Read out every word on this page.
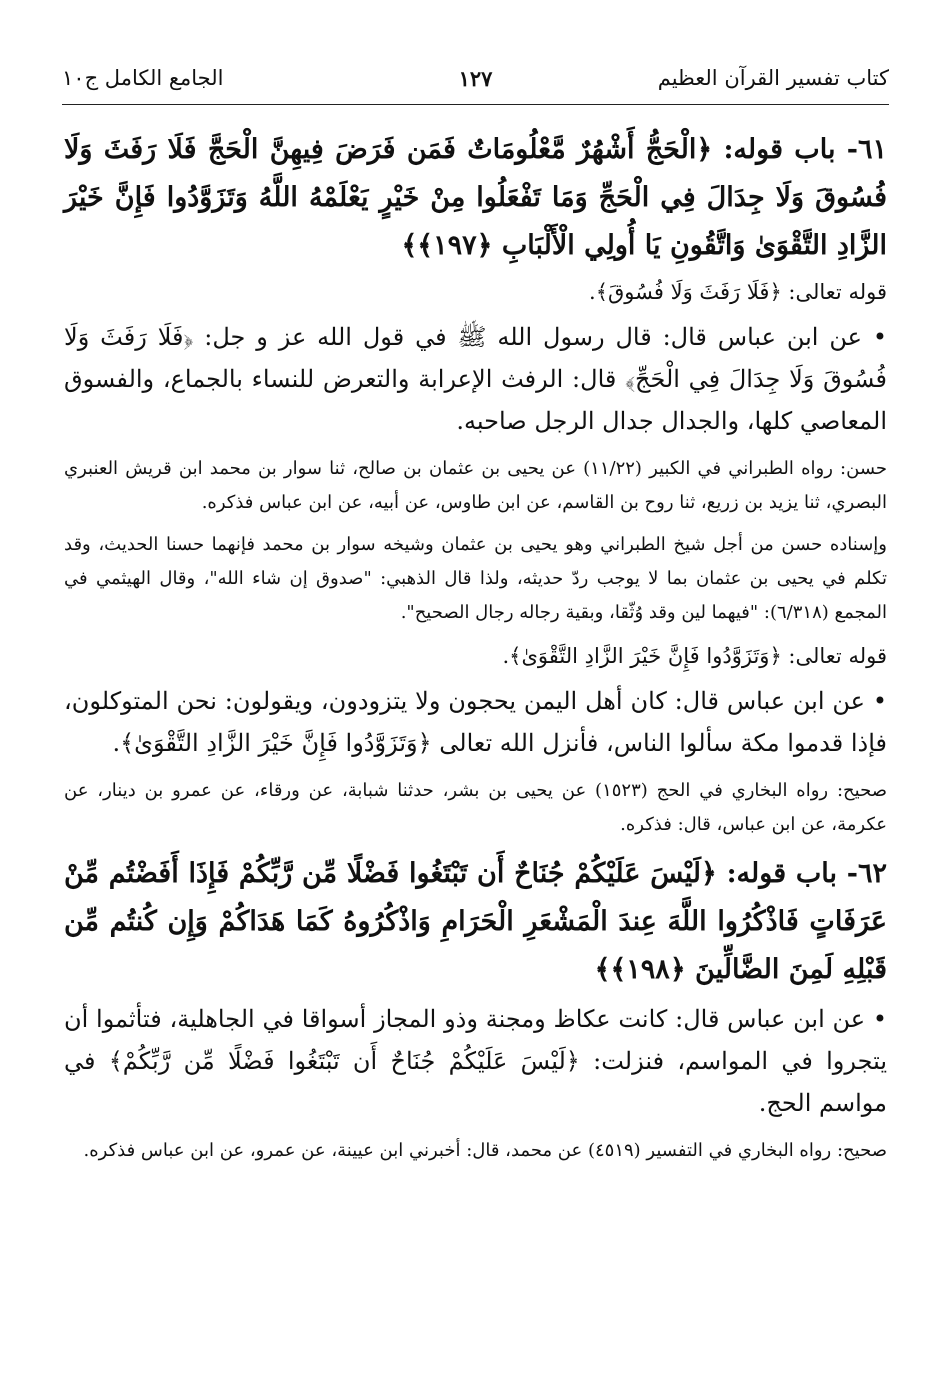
كتاب تفسير القرآن العظيم
١٢٧
الجامع الكامل ج١٠

٦١- باب قوله: ﴿الْحَجُّ أَشْهُرٌ مَّعْلُومَاتٌ فَمَن فَرَضَ فِيهِنَّ الْحَجَّ فَلَا رَفَثَ وَلَا فُسُوقَ وَلَا جِدَالَ فِي الْحَجِّ وَمَا تَفْعَلُوا مِنْ خَيْرٍ يَعْلَمْهُ اللَّهُ وَتَزَوَّدُوا فَإِنَّ خَيْرَ الزَّادِ التَّقْوَىٰ وَاتَّقُونِ يَا أُولِي الْأَلْبَابِ ﴿١٩٧﴾﴾

قوله تعالى: ﴿فَلَا رَفَثَ وَلَا فُسُوقَ﴾.

• عن ابن عباس قال: قال رسول الله ﷺ في قول الله عز و جل: ﴿فَلَا رَفَثَ وَلَا فُسُوقَ وَلَا جِدَالَ فِي الْحَجِّ﴾ قال: الرفث الإعرابة والتعرض للنساء بالجماع، والفسوق المعاصي كلها، والجدال جدال الرجل صاحبه.

حسن: رواه الطبراني في الكبير (١١/٢٢) عن يحيى بن عثمان بن صالح، ثنا سوار بن محمد ابن قريش العنبري البصري، ثنا يزيد بن زريع، ثنا روح بن القاسم، عن ابن طاوس، عن أبيه، عن ابن عباس فذكره.

وإسناده حسن من أجل شيخ الطبراني وهو يحيى بن عثمان وشيخه سوار بن محمد فإنهما حسنا الحديث، وقد تكلم في يحيى بن عثمان بما لا يوجب ردّ حديثه، ولذا قال الذهبي: "صدوق إن شاء الله"، وقال الهيثمي في المجمع (٦/٣١٨): "فيهما لين وقد وُثّقا، وبقية رجاله رجال الصحيح".

قوله تعالى: ﴿وَتَزَوَّدُوا فَإِنَّ خَيْرَ الزَّادِ التَّقْوَىٰ﴾.

• عن ابن عباس قال: كان أهل اليمن يحجون ولا يتزودون، ويقولون: نحن المتوكلون، فإذا قدموا مكة سألوا الناس، فأنزل الله تعالى ﴿وَتَزَوَّدُوا فَإِنَّ خَيْرَ الزَّادِ التَّقْوَىٰ﴾.

صحيح: رواه البخاري في الحج (١٥٢٣) عن يحيى بن بشر، حدثنا شبابة، عن ورقاء، عن عمرو بن دينار، عن عكرمة، عن ابن عباس، قال: فذكره.

٦٢- باب قوله: ﴿لَيْسَ عَلَيْكُمْ جُنَاحٌ أَن تَبْتَغُوا فَضْلًا مِّن رَّبِّكُمْ فَإِذَا أَفَضْتُم مِّنْ عَرَفَاتٍ فَاذْكُرُوا اللَّهَ عِندَ الْمَشْعَرِ الْحَرَامِ وَاذْكُرُوهُ كَمَا هَدَاكُمْ وَإِن كُنتُم مِّن قَبْلِهِ لَمِنَ الضَّالِّينَ ﴿١٩٨﴾﴾

• عن ابن عباس قال: كانت عكاظ ومجنة وذو المجاز أسواقا في الجاهلية، فتأثموا أن يتجروا في المواسم، فنزلت: ﴿لَيْسَ عَلَيْكُمْ جُنَاحٌ أَن تَبْتَغُوا فَضْلًا مِّن رَّبِّكُمْ﴾ في مواسم الحج.

صحيح: رواه البخاري في التفسير (٤٥١٩) عن محمد، قال: أخبرني ابن عيينة، عن عمرو، عن ابن عباس فذكره.
